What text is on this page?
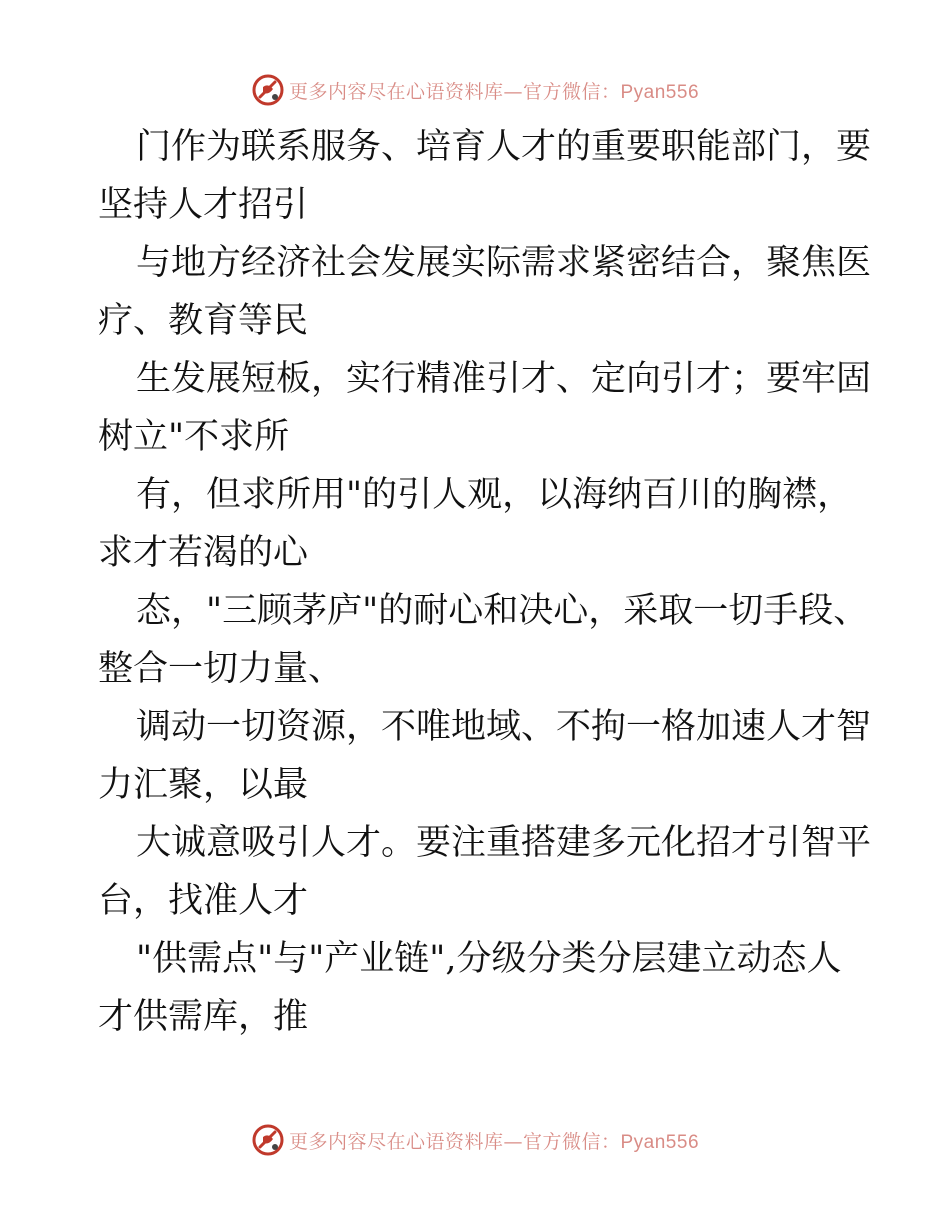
更多内容尽在心语资料库—官方微信：Pyan556

门作为联系服务、培育人才的重要职能部门，要

坚持人才招引

与地方经济社会发展实际需求紧密结合，聚焦医

疗、教育等民

生发展短板，实行精准引才、定向引才；要牢固

树立"不求所

有，但求所用"的引人观，以海纳百川的胸襟，

求才若渴的心

态，"三顾茅庐"的耐心和决心，采取一切手段、

整合一切力量、

调动一切资源，不唯地域、不拘一格加速人才智

力汇聚，以最

大诚意吸引人才。要注重搭建多元化招才引智平

台，找准人才

"供需点"与"产业链",分级分类分层建立动态人

才供需库，推

更多内容尽在心语资料库—官方微信：Pyan556
